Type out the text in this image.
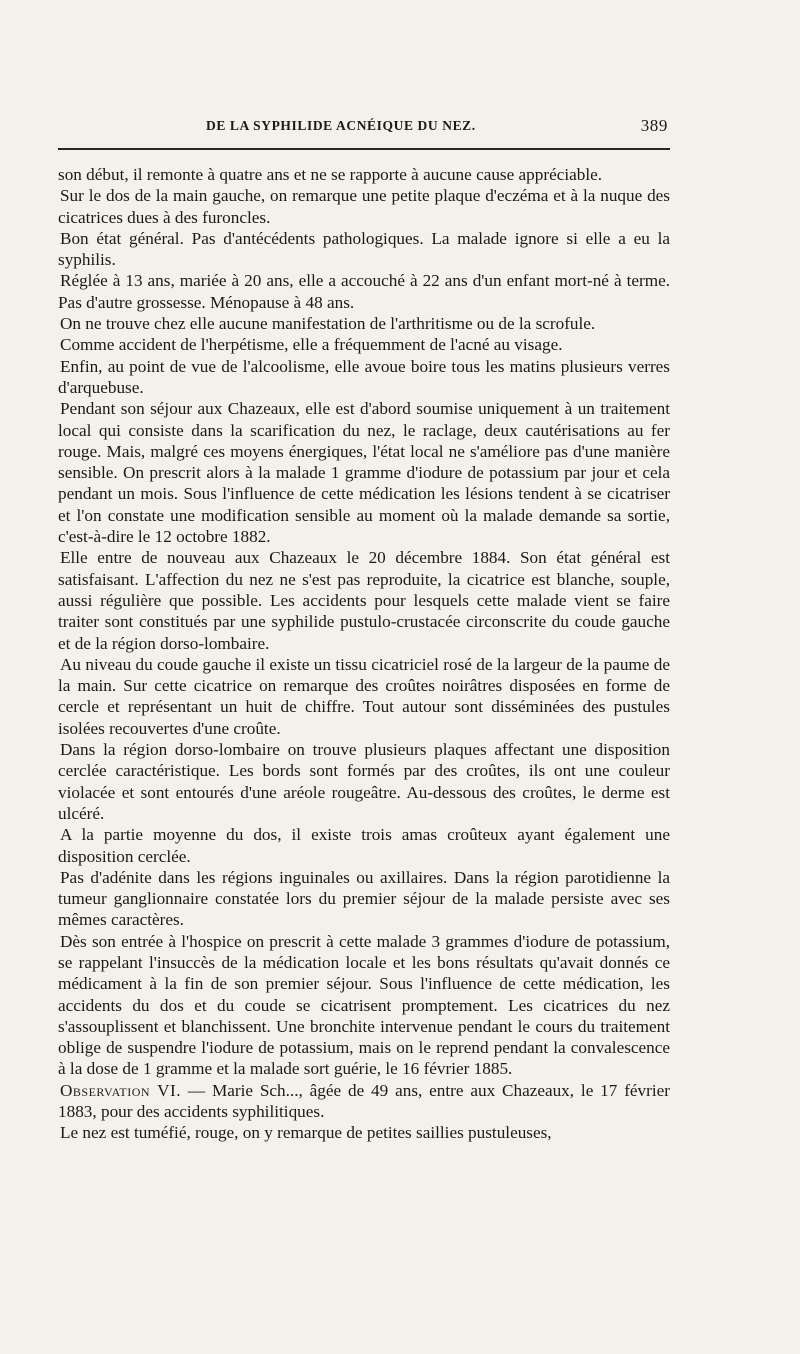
DE LA SYPHILIDE ACNÉIQUE DU NEZ.	389

son début, il remonte à quatre ans et ne se rapporte à aucune cause appréciable.

Sur le dos de la main gauche, on remarque une petite plaque d'eczéma et à la nuque des cicatrices dues à des furoncles.

Bon état général. Pas d'antécédents pathologiques. La malade ignore si elle a eu la syphilis.

Réglée à 13 ans, mariée à 20 ans, elle a accouché à 22 ans d'un enfant mort-né à terme. Pas d'autre grossesse. Ménopause à 48 ans.

On ne trouve chez elle aucune manifestation de l'arthritisme ou de la scrofule.

Comme accident de l'herpétisme, elle a fréquemment de l'acné au visage.

Enfin, au point de vue de l'alcoolisme, elle avoue boire tous les matins plusieurs verres d'arquebuse.

Pendant son séjour aux Chazeaux, elle est d'abord soumise uniquement à un traitement local qui consiste dans la scarification du nez, le raclage, deux cautérisations au fer rouge. Mais, malgré ces moyens énergiques, l'état local ne s'améliore pas d'une manière sensible. On prescrit alors à la malade 1 gramme d'iodure de potassium par jour et cela pendant un mois. Sous l'influence de cette médication les lésions tendent à se cicatriser et l'on constate une modification sensible au moment où la malade demande sa sortie, c'est-à-dire le 12 octobre 1882.

Elle entre de nouveau aux Chazeaux le 20 décembre 1884. Son état général est satisfaisant. L'affection du nez ne s'est pas reproduite, la cicatrice est blanche, souple, aussi régulière que possible. Les accidents pour lesquels cette malade vient se faire traiter sont constitués par une syphilide pustulo-crustacée circonscrite du coude gauche et de la région dorso-lombaire.

Au niveau du coude gauche il existe un tissu cicatriciel rosé de la largeur de la paume de la main. Sur cette cicatrice on remarque des croûtes noirâtres disposées en forme de cercle et représentant un huit de chiffre. Tout autour sont disséminées des pustules isolées recouvertes d'une croûte.

Dans la région dorso-lombaire on trouve plusieurs plaques affectant une disposition cerclée caractéristique. Les bords sont formés par des croûtes, ils ont une couleur violacée et sont entourés d'une aréole rougeâtre. Au-dessous des croûtes, le derme est ulcéré.

A la partie moyenne du dos, il existe trois amas croûteux ayant également une disposition cerclée.

Pas d'adénite dans les régions inguinales ou axillaires. Dans la région parotidienne la tumeur ganglionnaire constatée lors du premier séjour de la malade persiste avec ses mêmes caractères.

Dès son entrée à l'hospice on prescrit à cette malade 3 grammes d'iodure de potassium, se rappelant l'insuccès de la médication locale et les bons résultats qu'avait donnés ce médicament à la fin de son premier séjour. Sous l'influence de cette médication, les accidents du dos et du coude se cicatrisent promptement. Les cicatrices du nez s'assouplissent et blanchissent. Une bronchite intervenue pendant le cours du traitement oblige de suspendre l'iodure de potassium, mais on le reprend pendant la convalescence à la dose de 1 gramme et la malade sort guérie, le 16 février 1885.

Observation VI. — Marie Sch..., âgée de 49 ans, entre aux Chazeaux, le 17 février 1883, pour des accidents syphilitiques.

Le nez est tuméfié, rouge, on y remarque de petites saillies pustuleuses,
